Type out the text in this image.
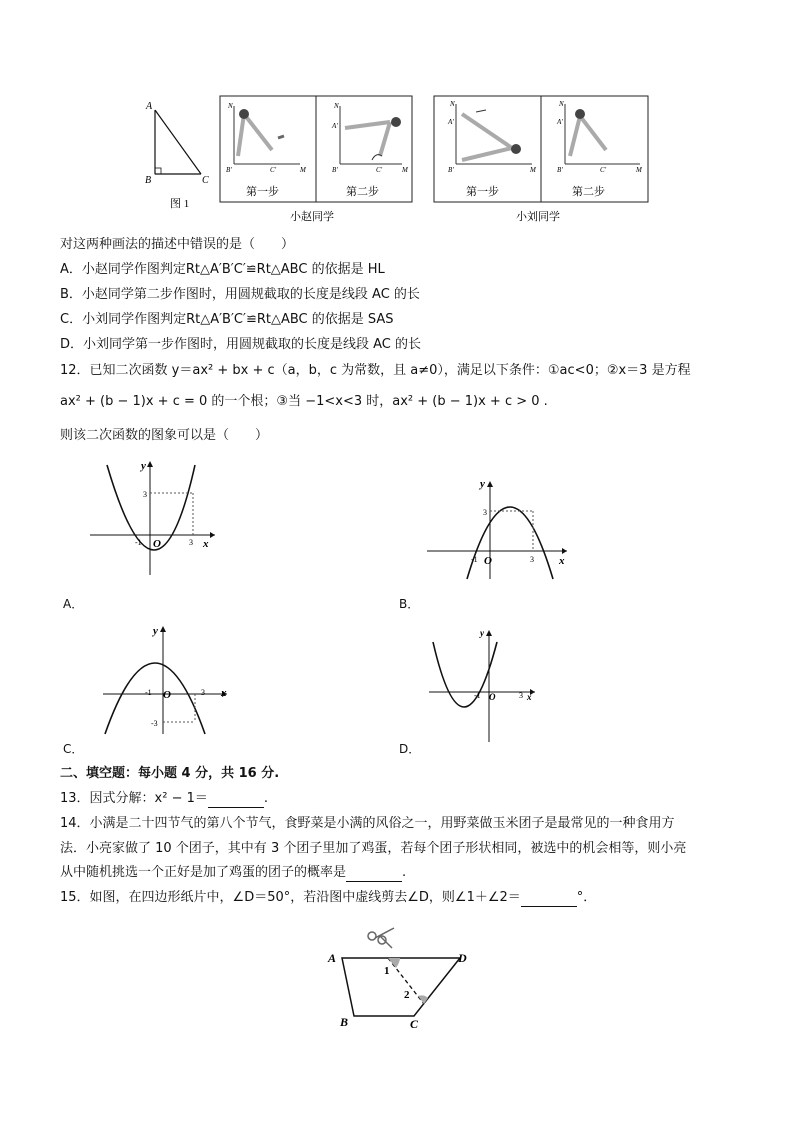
A
B	C
图 1
N
B'	C'	M
第一步
N
A'
B'	C'	M
第二步
小赵同学
N
A'
B'	M
第一步
N
A'
B'	C'	M
第二步
小刘同学
对这两种画法的描述中错误的是（　　）
A．小赵同学作图判定Rt△A′B′C′≌Rt△ABC 的依据是 HL
B．小赵同学第二步作图时，用圆规截取的长度是线段 AC 的长
C．小刘同学作图判定Rt△A′B′C′≌Rt△ABC 的依据是 SAS
D．小刘同学第一步作图时，用圆规截取的长度是线段 AC 的长
12．已知二次函数 y＝ax² + bx + c（a，b，c 为常数，且 a≠0），满足以下条件：①ac<0；②x＝3 是方程
ax² + (b − 1)x + c = 0 的一个根；③当 −1<x<3 时，ax² + (b − 1)x + c > 0 .
则该二次函数的图象可以是（　　）
3
-1	3
O	x
y
A．
3
-1	3
O	x
y
B．
-3
-1	3
O	x
y
C．
-1	3
O	x
y
D．
二、填空题：每小题 4 分，共 16 分.
13．因式分解：x² − 1＝	.
14．小满是二十四节气的第八个节气，食野菜是小满的风俗之一，用野菜做玉米团子是最常见的一种食用方
法．小亮家做了 10 个团子，其中有 3 个团子里加了鸡蛋，若每个团子形状相同，被选中的机会相等，则小亮
从中随机挑选一个正好是加了鸡蛋的团子的概率是	.
15．如图，在四边形纸片中，∠D＝50°，若沿图中虚线剪去∠D，则∠1＋∠2＝	°．
A	D
B	C
1
2
